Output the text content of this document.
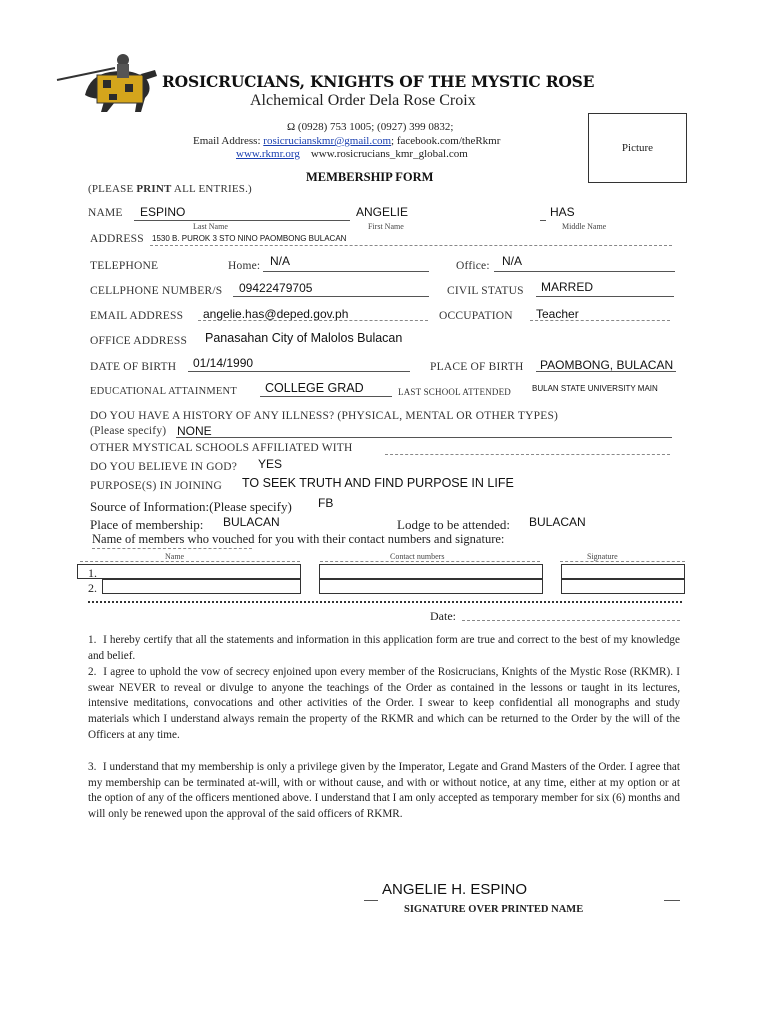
ROSICRUCIANS, KNIGHTS OF THE MYSTIC ROSE
Alchemical Order Dela Rose Croix
Ω (0928) 753 1005; (0927) 399 0832;
Email Address: rosicrucianskmr@gmail.com; facebook.com/theRkmr
www.rkmr.org www.rosicrucians_kmr_global.com	Picture
MEMBERSHIP FORM
(PLEASE PRINT ALL ENTRIES.)
NAME ESPINO	ANGELIE	HAS
Last Name	First Name	Middle Name
ADDRESS 1530 B. PUROK 3 STO NINO PAOMBONG BULACAN
TELEPHONE	Home: N/A	Office: N/A
CELLPHONE NUMBER/S 09422479705	CIVIL STATUS MARRED
EMAIL ADDRESS angelie.has@deped.gov.ph	OCCUPATION Teacher
OFFICE ADDRESS Panasahan City of Malolos Bulacan
DATE OF BIRTH 01/14/1990	PLACE OF BIRTH PAOMBONG, BULACAN
EDUCATIONAL ATTAINMENT COLLEGE GRAD	LAST SCHOOL ATTENDED	BULAN STATE UNIVERSITY MAIN
DO YOU HAVE A HISTORY OF ANY ILLNESS? (PHYSICAL, MENTAL OR OTHER TYPES)
(Please specify) NONE
OTHER MYSTICAL SCHOOLS AFFILIATED WITH
DO YOU BELIEVE IN GOD? YES
PURPOSE(S) IN JOINING TO SEEK TRUTH AND FIND PURPOSE IN LIFE
Source of Information:(Please specify) FB
Place of membership: BULACAN	Lodge to be attended: BULACAN
Name of members who vouched for you with their contact numbers and signature:
Name	Contact numbers	Signature
1.
2.
Date:
1. I hereby certify that all the statements and information in this application form are true and correct to the best of my knowledge and belief.
2. I agree to uphold the vow of secrecy enjoined upon every member of the Rosicrucians, Knights of the Mystic Rose (RKMR). I swear NEVER to reveal or divulge to anyone the teachings of the Order as contained in the lessons or taught in its lectures, intensive meditations, convocations and other activities of the Order. I swear to keep confidential all monographs and study materials which I understand always remain the property of the RKMR and which can be returned to the Order by the will of the Officers at any time.
3. I understand that my membership is only a privilege given by the Imperator, Legate and Grand Masters of the Order. I agree that my membership can be terminated at-will, with or without cause, and with or without notice, at any time, either at my option or at the option of any of the officers mentioned above. I understand that I am only accepted as temporary member for six (6) months and will only be renewed upon the approval of the said officers of RKMR.
ANGELIE H. ESPINO
SIGNATURE OVER PRINTED NAME
